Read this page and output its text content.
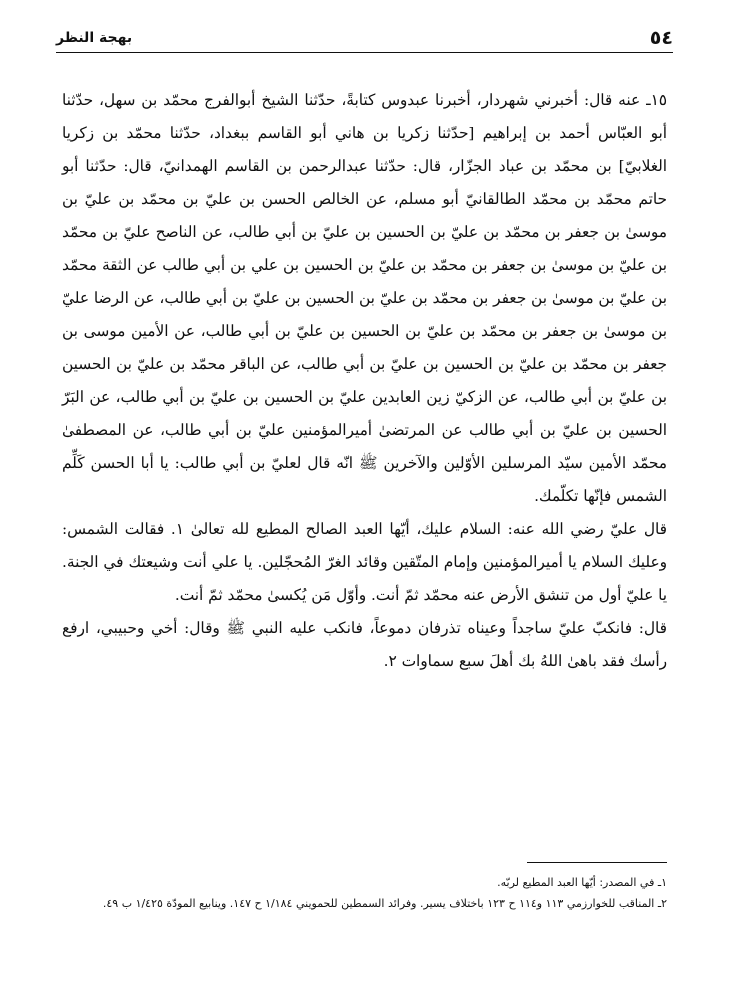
٥٤
بهجة النظر

١٥ـ عنه قال: أخبرني شهردار، أخبرنا عبدوس كتابةً، حدّثنا الشيخ أبوالفرج محمّد بن سهل، حدّثنا أبو العبّاس أحمد بن إبراهيم [حدّثنا زكريا بن هاني أبو القاسم ببغداد، حدّثنا محمّد بن زكريا الغلابيّ] بن محمّد بن عباد الجزّار، قال: حدّثنا عبدالرحمن بن القاسم الهمدانيّ، قال: حدّثنا أبو حاتم محمّد بن محمّد الطالقانيّ أبو مسلم، عن الخالص الحسن بن عليّ بن محمّد بن عليّ بن موسىٰ بن جعفر بن محمّد بن عليّ بن الحسين بن عليّ بن أبي طالب، عن الناصح عليّ بن محمّد بن عليّ بن موسىٰ بن جعفر بن محمّد بن عليّ بن الحسين بن علي بن أبي طالب عن الثقة محمّد بن عليّ بن موسىٰ بن جعفر بن محمّد بن عليّ بن الحسين بن عليّ بن أبي طالب، عن الرضا عليّ بن موسىٰ بن جعفر بن محمّد بن عليّ بن الحسين بن عليّ بن أبي طالب، عن الأمين موسى بن جعفر بن محمّد بن عليّ بن الحسين بن عليّ بن أبي طالب، عن الباقر محمّد بن عليّ بن الحسين بن عليّ بن أبي طالب، عن الزكيّ زين العابدين عليّ بن الحسين بن عليّ بن أبي طالب، عن البَرّ الحسين بن عليّ بن أبي طالب عن المرتضىٰ أميرالمؤمنين عليّ بن أبي طالب، عن المصطفىٰ محمّد الأمين سيّد المرسلين الأوّلين والآخرين ﷺ انّه قال لعليّ بن أبي طالب: يا أبا الحسن كَلِّم الشمس فإنّها تكلّمك.

قال عليّ رضي الله عنه: السلام عليك، أيّها العبد الصالح المطيع لله تعالىٰ ١. فقالت الشمس: وعليك السلام يا أميرالمؤمنين وإمام المتّقين وقائد الغرّ المُحجّلين. يا علي أنت وشيعتك في الجنة. يا عليّ أول من تنشق الأرض عنه محمّد ثمّ أنت. وأوّل مَن يُكسىٰ محمّد ثمّ أنت.

قال: فانكبّ عليّ ساجداً وعيناه تذرفان دموعاً، فانكب عليه النبي ﷺ وقال: أخي وحبيبي، ارفع رأسك فقد باهىٰ اللهُ بك أهلَ سبع سماوات ٢.

١ـ في المصدر: أيّها العبد المطيع لربّه.

٢ـ المناقب للخوارزمي ١١٣ و١١٤ ح ١٢٣ باختلاف يسير. وفرائد السمطين للحمويني ١/١٨٤ ح ١٤٧. وينابيع المودّة ١/٤٢٥ ب ٤٩.
